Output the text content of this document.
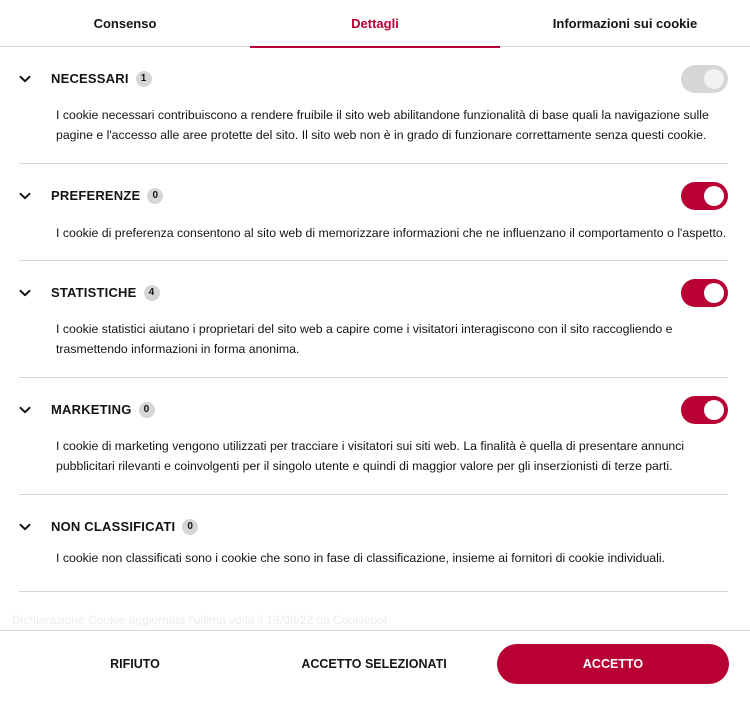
Consenso	Dettagli	Informazioni sui cookie
NECESSARI 1

I cookie necessari contribuiscono a rendere fruibile il sito web abilitandone funzionalità di base quali la navigazione sulle pagine e l'accesso alle aree protette del sito. Il sito web non è in grado di funzionare correttamente senza questi cookie.

PREFERENZE 0

I cookie di preferenza consentono al sito web di memorizzare informazioni che ne influenzano il comportamento o l'aspetto.

STATISTICHE 4

I cookie statistici aiutano i proprietari del sito web a capire come i visitatori interagiscono con il sito raccogliendo e trasmettendo informazioni in forma anonima.

MARKETING 0

I cookie di marketing vengono utilizzati per tracciare i visitatori sui siti web. La finalità è quella di presentare annunci pubblicitari rilevanti e coinvolgenti per il singolo utente e quindi di maggior valore per gli inserzionisti di terze parti.

NON CLASSIFICATI 0

I cookie non classificati sono i cookie che sono in fase di classificazione, insieme ai fornitori di cookie individuali.

Dichiarazione Cookie aggiornata l'ultima volta il 19/08/22 da Cookiebot
RIFIUTO	ACCETTO SELEZIONATI	ACCETTO
